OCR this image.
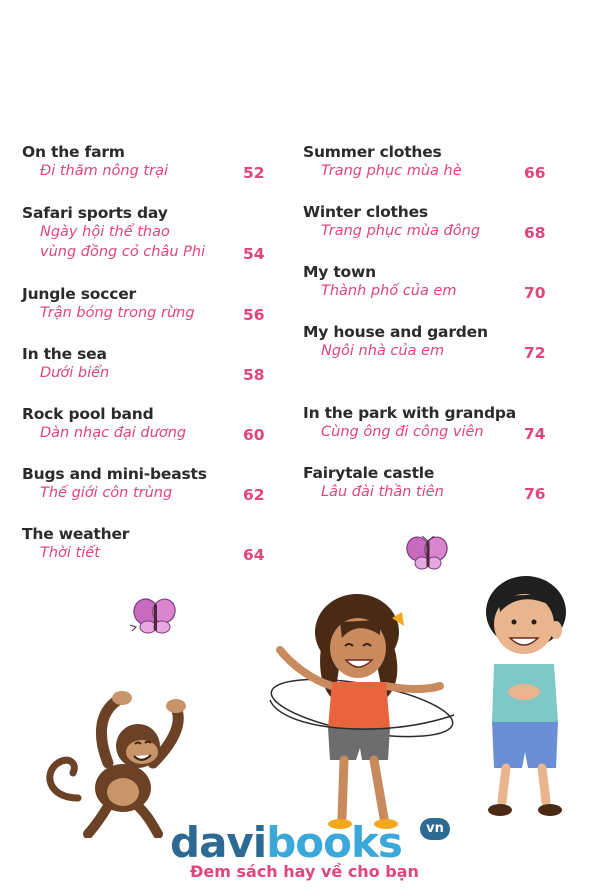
On the farm
Đi thăm nông trại	52
Safari sports day
Ngày hội thể thao
vùng đồng cỏ châu Phi 54
Jungle soccer
Trận bóng trong rừng	56
In the sea
Dưới biển	58
Rock pool band
Dàn nhạc đại dương	60
Bugs and mini-beasts
Thế giới côn trùng	62
The weather
Thời tiết	64
Summer clothes
Trang phục mùa hè	66
Winter clothes
Trang phục mùa đông	68
My town
Thành phố của em	70
My house and garden
Ngôi nhà của em	72
In the park with grandpa
Cùng ông đi công viên	74
Fairytale castle
Lâu đài thần tiên	76
davibooks	vn
Đem sách hay về cho bạn
